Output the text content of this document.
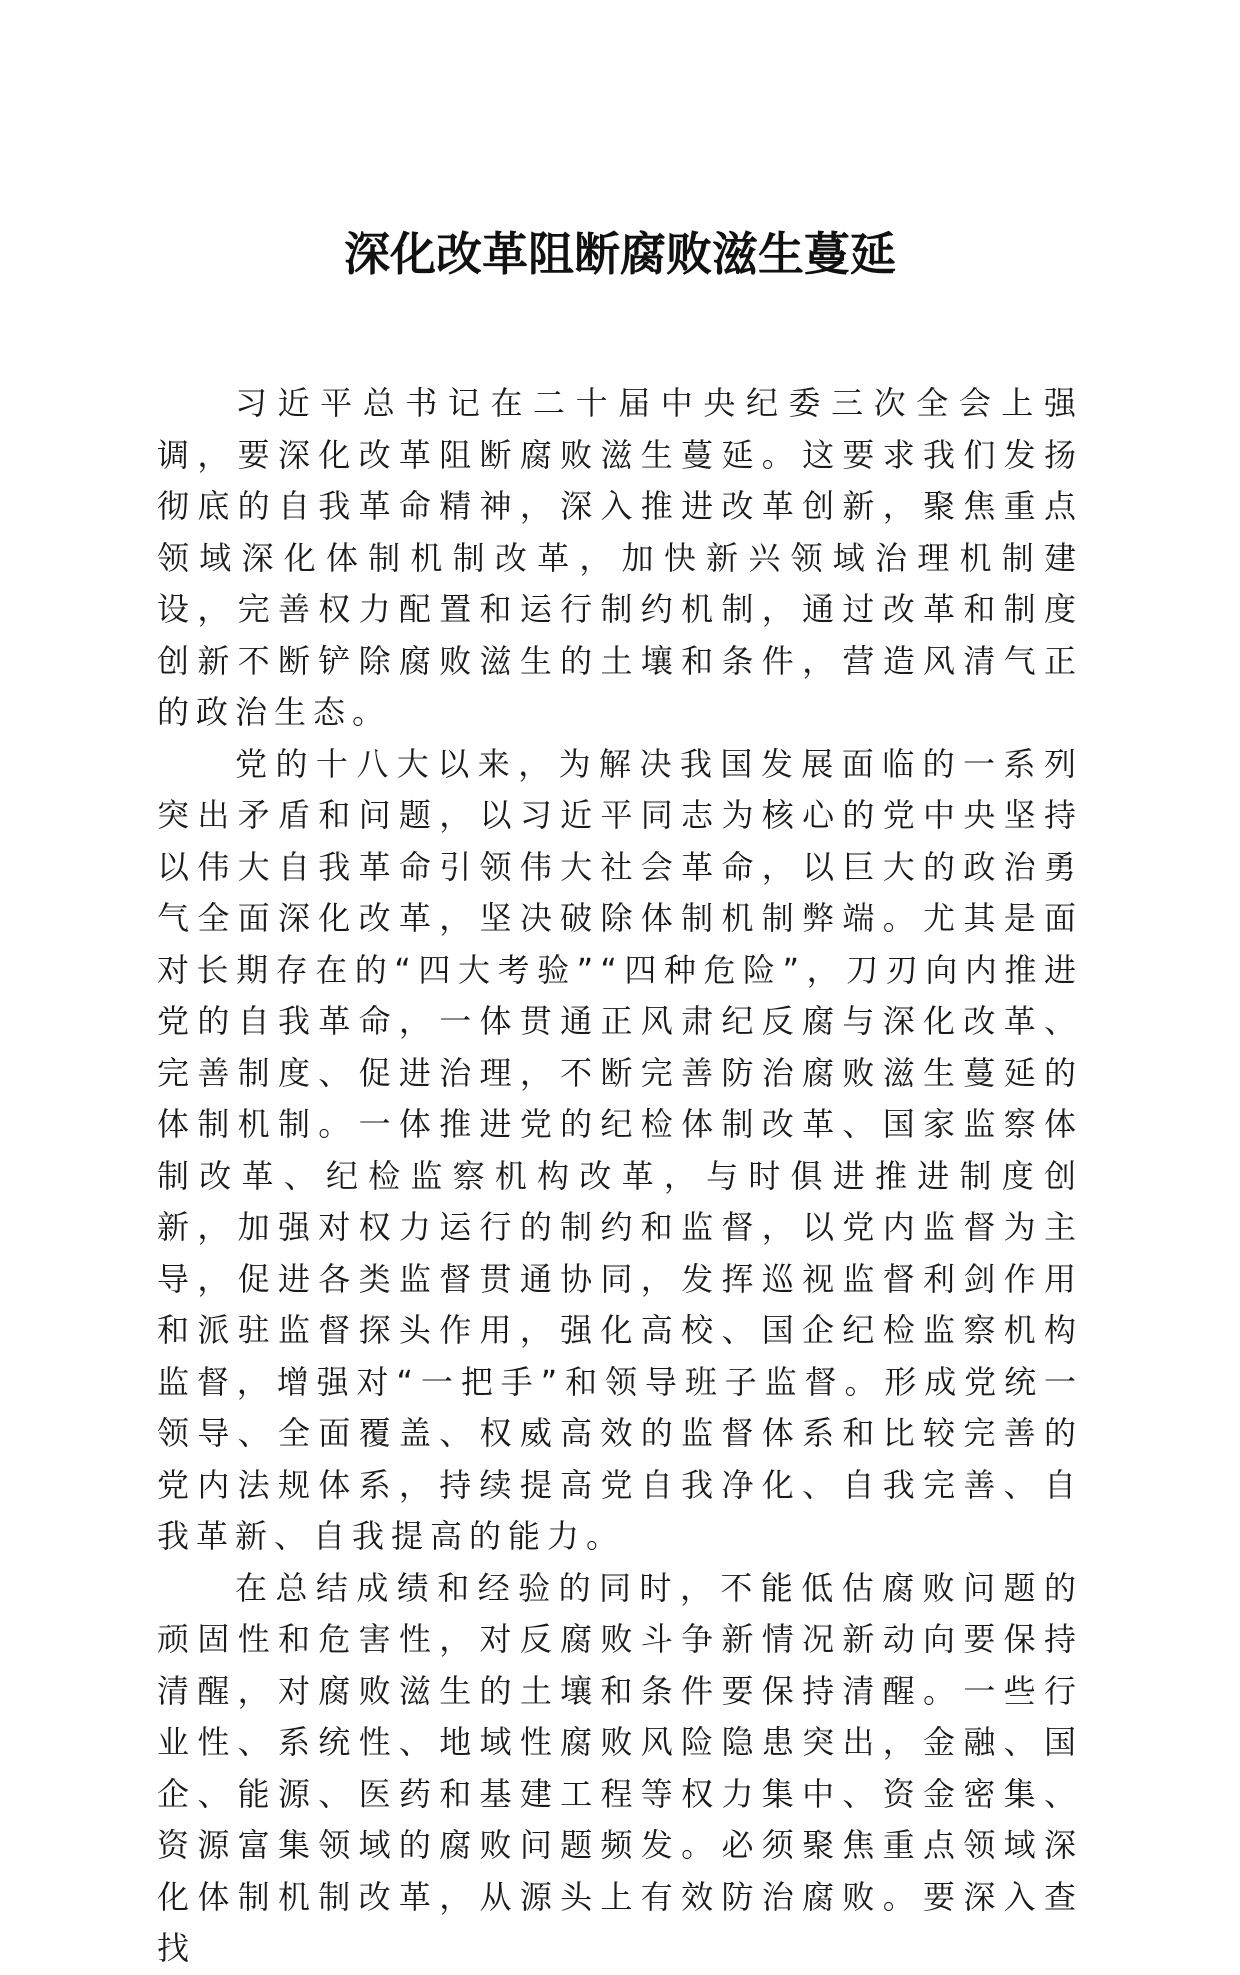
深化改革阻断腐败滋生蔓延

习近平总书记在二十届中央纪委三次全会上强调，要深化改革阻断腐败滋生蔓延。这要求我们发扬彻底的自我革命精神，深入推进改革创新，聚焦重点领域深化体制机制改革，加快新兴领域治理机制建设，完善权力配置和运行制约机制，通过改革和制度创新不断铲除腐败滋生的土壤和条件，营造风清气正的政治生态。

党的十八大以来，为解决我国发展面临的一系列突出矛盾和问题，以习近平同志为核心的党中央坚持以伟大自我革命引领伟大社会革命，以巨大的政治勇气全面深化改革，坚决破除体制机制弊端。尤其是面对长期存在的“四大考验”“四种危险”，刀刃向内推进党的自我革命，一体贯通正风肃纪反腐与深化改革、完善制度、促进治理，不断完善防治腐败滋生蔓延的体制机制。一体推进党的纪检体制改革、国家监察体制改革、纪检监察机构改革，与时俱进推进制度创新，加强对权力运行的制约和监督，以党内监督为主导，促进各类监督贯通协同，发挥巡视监督利剑作用和派驻监督探头作用，强化高校、国企纪检监察机构监督，增强对“一把手”和领导班子监督。形成党统一领导、全面覆盖、权威高效的监督体系和比较完善的党内法规体系，持续提高党自我净化、自我完善、自我革新、自我提高的能力。

在总结成绩和经验的同时，不能低估腐败问题的顽固性和危害性，对反腐败斗争新情况新动向要保持清醒，对腐败滋生的土壤和条件要保持清醒。一些行业性、系统性、地域性腐败风险隐患突出，金融、国企、能源、医药和基建工程等权力集中、资金密集、资源富集领域的腐败问题频发。必须聚焦重点领域深化体制机制改革，从源头上有效防治腐败。要深入查找
